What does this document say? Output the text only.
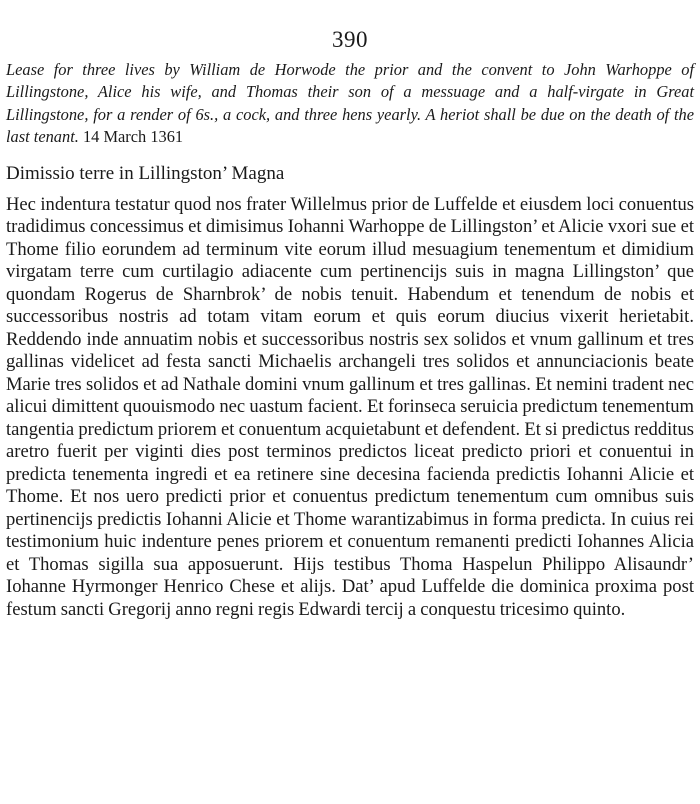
390

Lease for three lives by William de Horwode the prior and the convent to John Warhoppe of Lillingstone, Alice his wife, and Thomas their son of a messuage and a half-virgate in Great Lillingstone, for a render of 6s., a cock, and three hens yearly. A heriot shall be due on the death of the last tenant. 14 March 1361

Dimissio terre in Lillingston’ Magna

Hec indentura testatur quod nos frater Willelmus prior de Luffelde et eiusdem loci conuentus tradidimus concessimus et dimisimus Iohanni Warhoppe de Lillingston’ et Alicie vxori sue et Thome filio eorundem ad terminum vite eorum illud mesuagium tenementum et dimidium virgatam terre cum curtilagio adiacente cum pertinencijs suis in magna Lillingston’ que quondam Rogerus de Sharnbrok’ de nobis tenuit. Habendum et tenendum de nobis et successoribus nostris ad totam vitam eorum et quis eorum diucius vixerit herietabit. Reddendo inde annuatim nobis et successoribus nostris sex solidos et vnum gallinum et tres gallinas videlicet ad festa sancti Michaelis archangeli tres solidos et annunciacionis beate Marie tres solidos et ad Nathale domini vnum gallinum et tres gallinas. Et nemini tradent nec alicui dimittent quouismodo nec uastum facient. Et forinseca seruicia predictum tenementum tangentia predictum priorem et conuentum acquietabunt et defendent. Et si predictus redditus aretro fuerit per viginti dies post terminos predictos liceat predicto priori et conuentui in predicta tenementa ingredi et ea retinere sine decesina facienda predictis Iohanni Alicie et Thome. Et nos uero predicti prior et conuentus predictum tenementum cum omnibus suis pertinencijs predictis Iohanni Alicie et Thome warantizabimus in forma predicta. In cuius rei testimonium huic indenture penes priorem et conuentum remanenti predicti Iohannes Alicia et Thomas sigilla sua apposuerunt. Hijs testibus Thoma Haspelun Philippo Alisaundr’ Iohanne Hyrmonger Henrico Chese et alijs. Dat’ apud Luffelde die dominica proxima post festum sancti Gregorij anno regni regis Edwardi tercij a conquestu tricesimo quinto.
